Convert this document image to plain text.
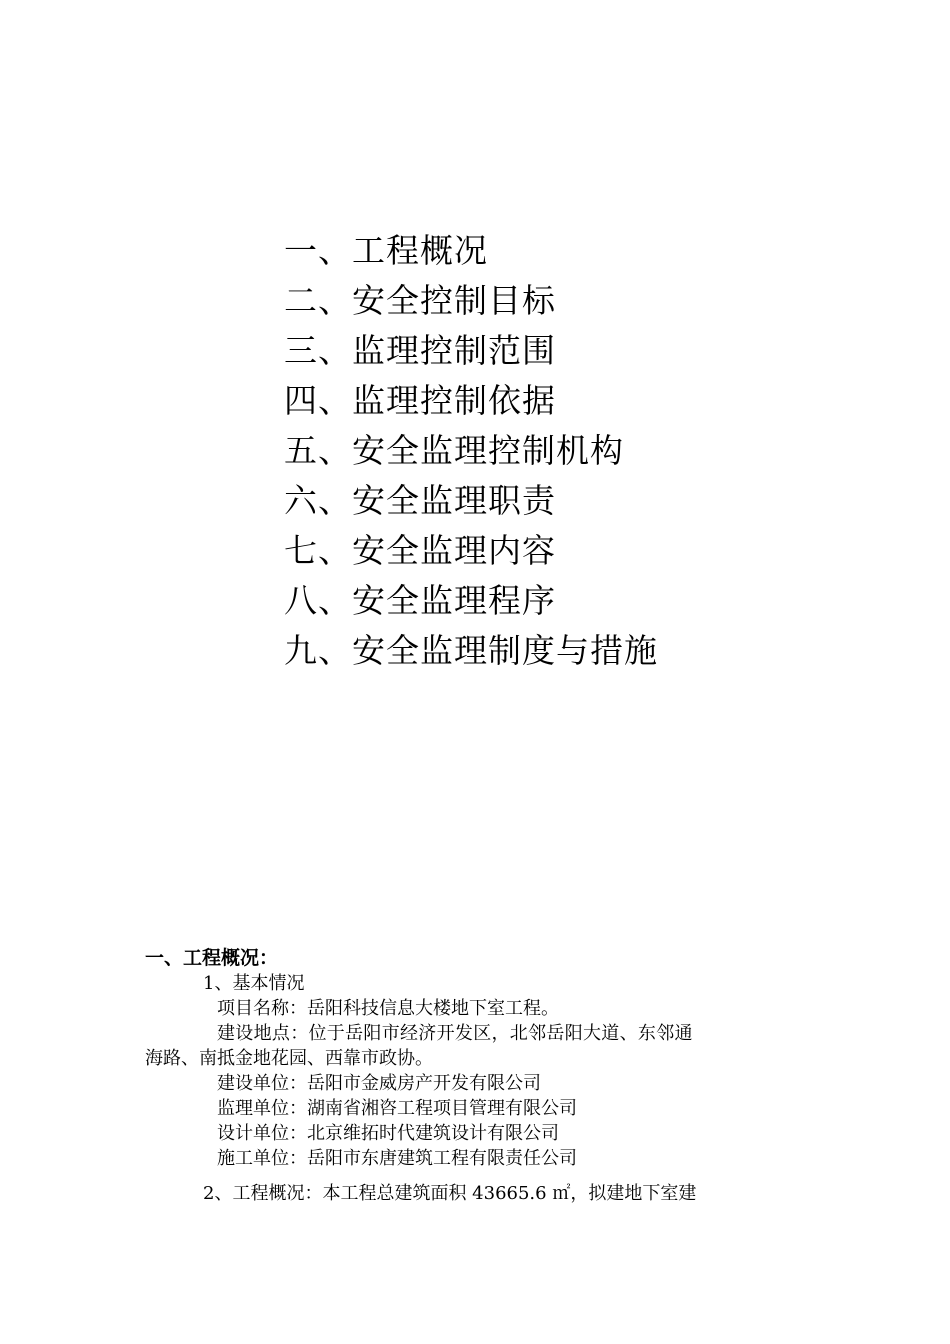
一、工程概况
二、安全控制目标
三、监理控制范围
四、监理控制依据
五、安全监理控制机构
六、安全监理职责
七、安全监理内容
八、安全监理程序
九、安全监理制度与措施
一、工程概况：
1、基本情况
项目名称：岳阳科技信息大楼地下室工程。
建设地点：位于岳阳市经济开发区，北邻岳阳大道、东邻通
海路、南抵金地花园、西靠市政协。
建设单位：岳阳市金威房产开发有限公司
监理单位：湖南省湘咨工程项目管理有限公司
设计单位：北京维拓时代建筑设计有限公司
施工单位：岳阳市东唐建筑工程有限责任公司
2、工程概况：本工程总建筑面积 43665.6 ㎡，拟建地下室建
